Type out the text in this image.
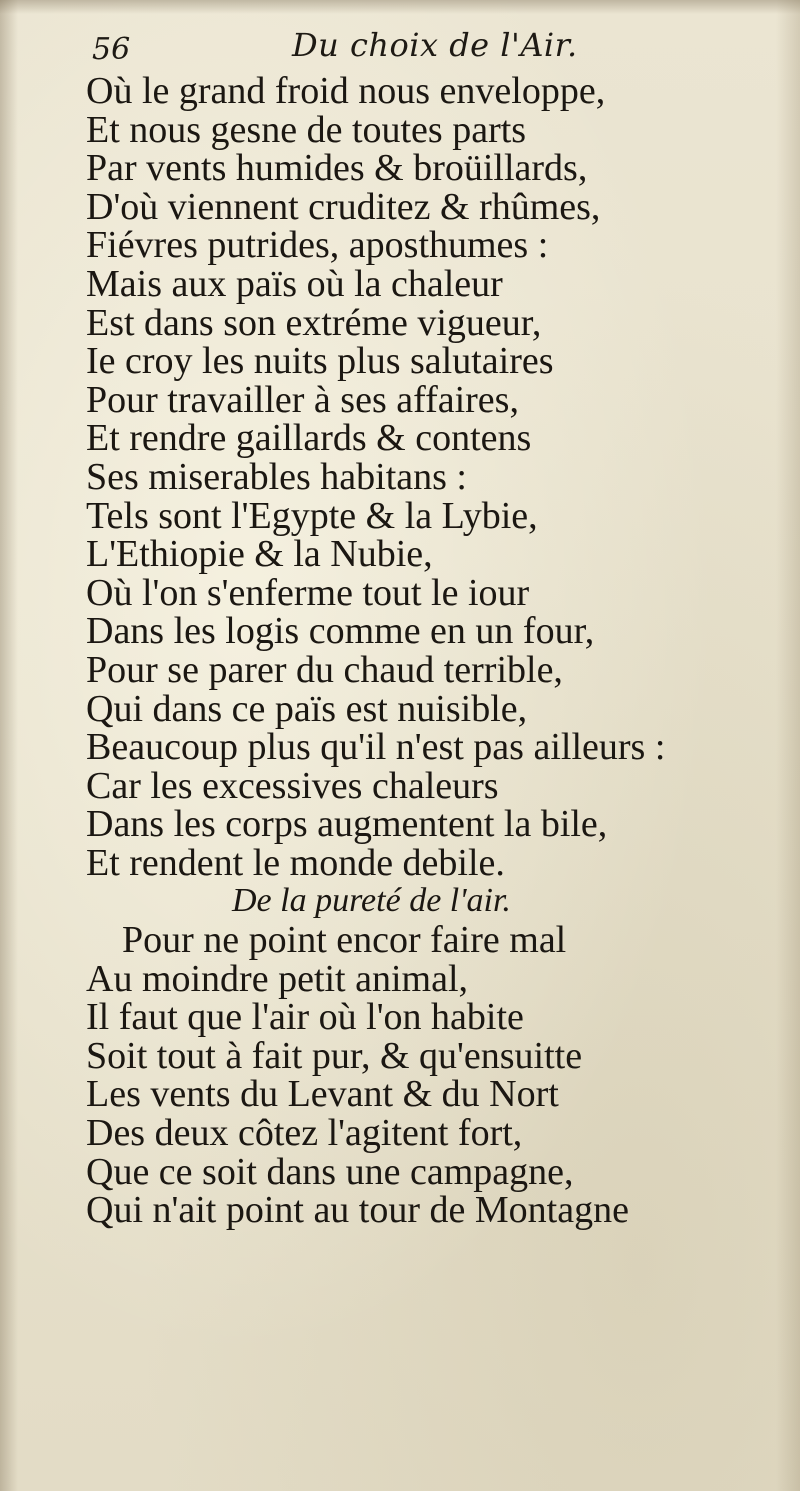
56	Du choix de l'Air.
Où le grand froid nous enveloppe,
Et nous gesne de toutes parts
Par vents humides & broüillards,
D'où viennent cruditez & rhûmes,
Fiévres putrides, aposthumes :
Mais aux païs où la chaleur
Est dans son extréme vigueur,
Ie croy les nuits plus salutaires
Pour travailler à ses affaires,
Et rendre gaillards & contens
Ses miserables habitans :
Tels sont l'Egypte & la Lybie,
L'Ethiopie & la Nubie,
Où l'on s'enferme tout le iour
Dans les logis comme en un four,
Pour se parer du chaud terrible,
Qui dans ce païs est nuisible,
Beaucoup plus qu'il n'est pas ailleurs :
Car les excessives chaleurs
Dans les corps augmentent la bile,
Et rendent le monde debile.
De la pureté de l'air.
Pour ne point encor faire mal
Au moindre petit animal,
Il faut que l'air où l'on habite
Soit tout à fait pur, & qu'ensuitte
Les vents du Levant & du Nort
Des deux côtez l'agitent fort,
Que ce soit dans une campagne,
Qui n'ait point au tour de Montagne
